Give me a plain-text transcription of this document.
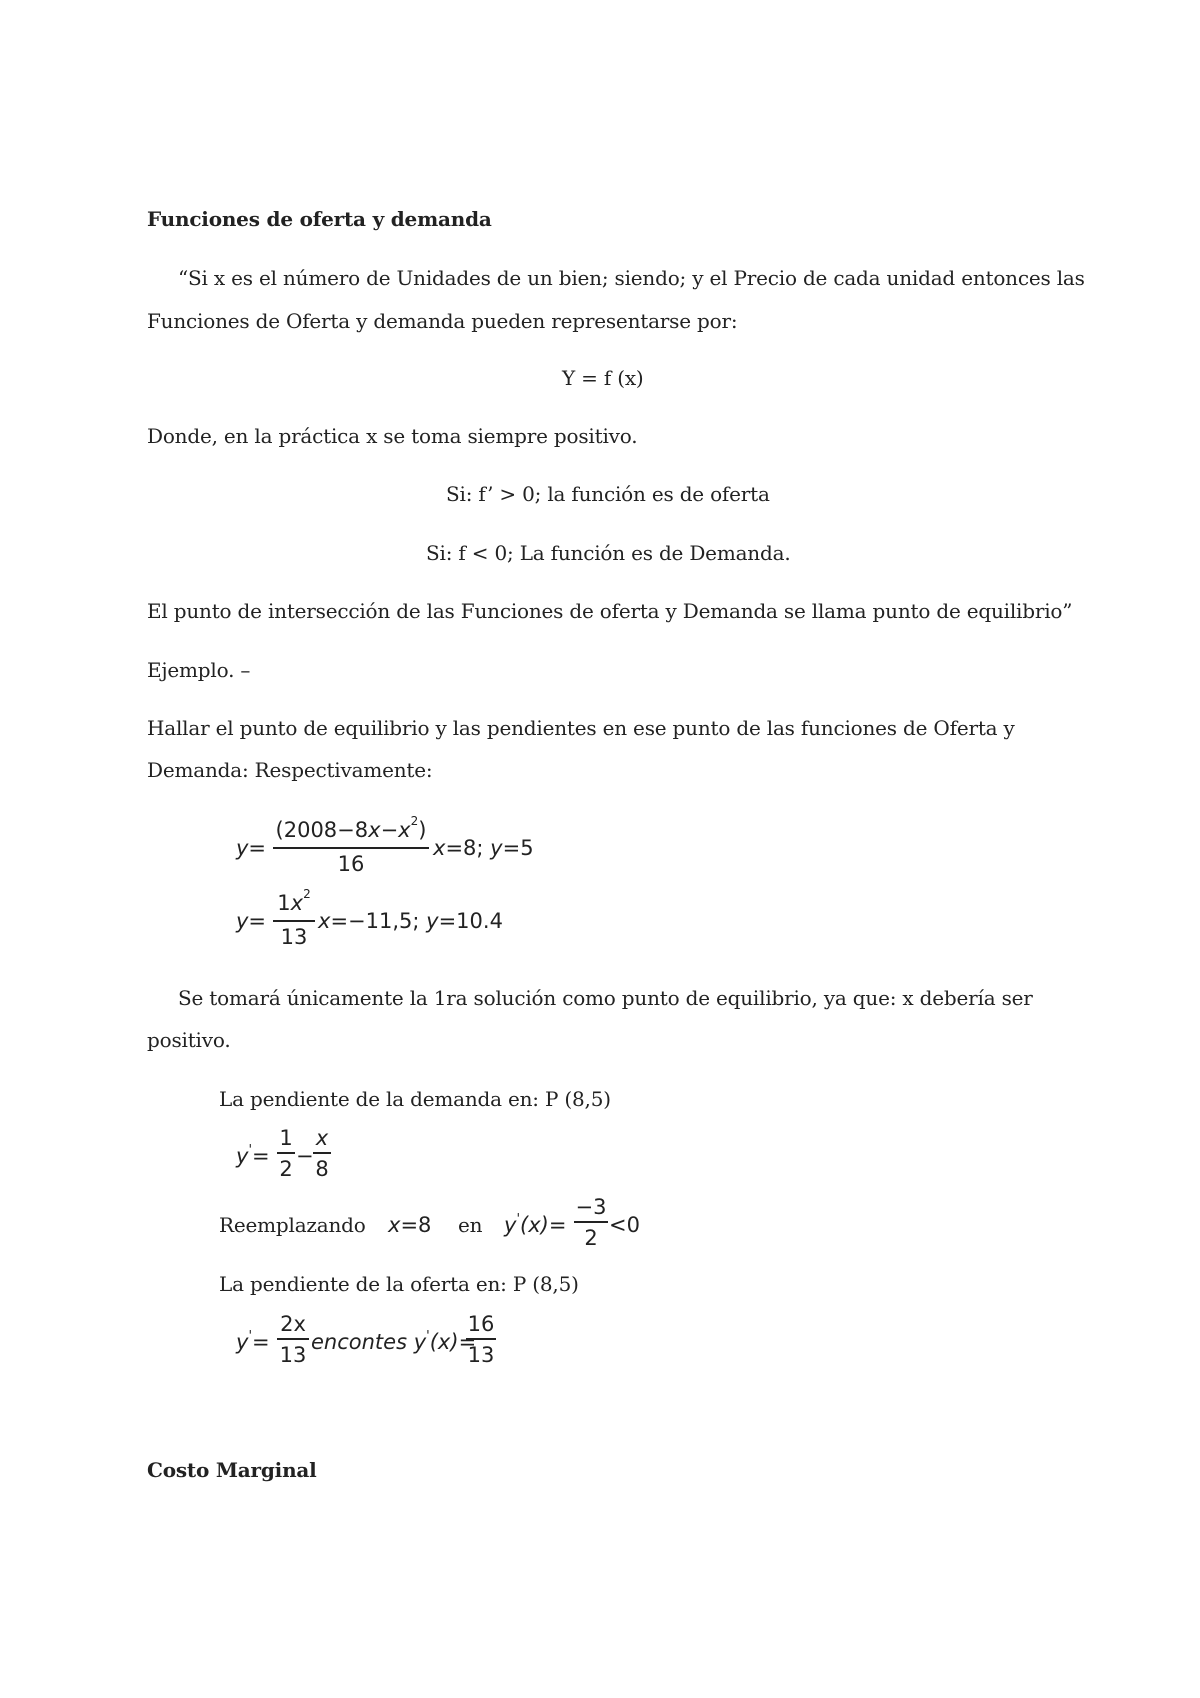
Funciones de oferta y demanda
“Si x es el número de Unidades de un bien; siendo; y el Precio de cada unidad entonces las
Funciones de Oferta y demanda pueden representarse por:
Y = f (x)
Donde, en la práctica x se toma siempre positivo.
Si: f’ > 0; la función es de oferta
Si: f < 0; La función es de Demanda.
El punto de intersección de las Funciones de oferta y Demanda se llama punto de equilibrio”
Ejemplo. –
Hallar el punto de equilibrio y las pendientes en ese punto de las funciones de Oferta y
Demanda: Respectivamente:
y=
$(2008-8x-x^2)$
16
x=8; y=5
y=
$1x^2$
13
x=−11,5; y=10.4
Se tomará únicamente la 1ra solución como punto de equilibrio, ya que: x debería ser
positivo.
La pendiente de la demanda en: P (8,5)
y'=
1
2
−
x
8
Reemplazando x=8 en y'(x)=
−3
2
<0
La pendiente de la oferta en: P (8,5)
y'=
2x
13
encontes y'(x)=
16
13
Costo Marginal
